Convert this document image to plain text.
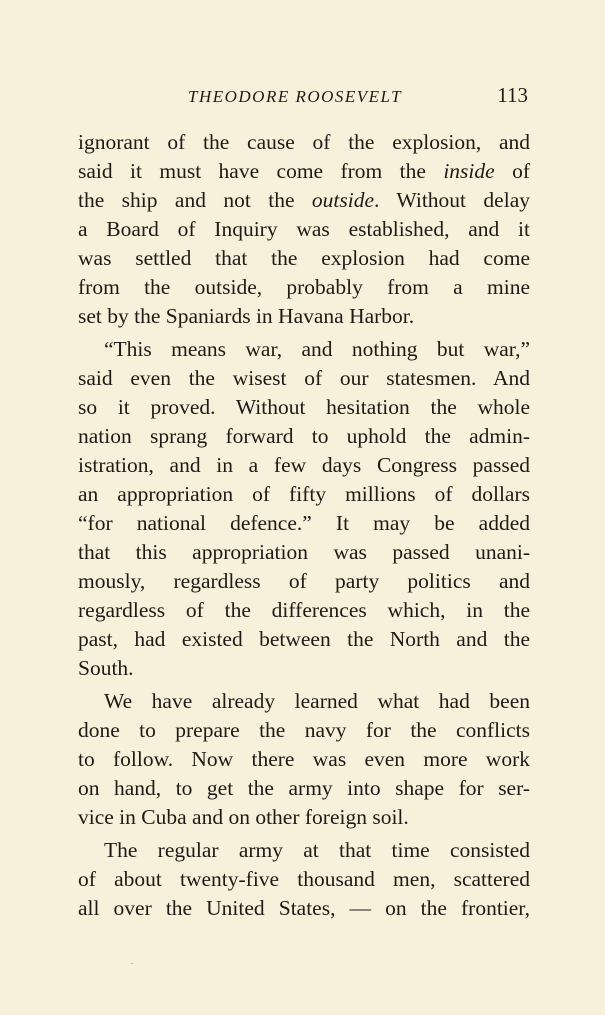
THEODORE ROOSEVELT	113
ignorant of the cause of the explosion, and
said it must have come from the inside of
the ship and not the outside. Without delay
a Board of Inquiry was established, and it
was settled that the explosion had come
from the outside, probably from a mine
set by the Spaniards in Havana Harbor.
“This means war, and nothing but war,”
said even the wisest of our statesmen. And
so it proved. Without hesitation the whole
nation sprang forward to uphold the admin-
istration, and in a few days Congress passed
an appropriation of fifty millions of dollars
“for national defence.” It may be added
that this appropriation was passed unani-
mously, regardless of party politics and
regardless of the differences which, in the
past, had existed between the North and the
South.
We have already learned what had been
done to prepare the navy for the conflicts
to follow. Now there was even more work
on hand, to get the army into shape for ser-
vice in Cuba and on other foreign soil.
The regular army at that time consisted
of about twenty-five thousand men, scattered
all over the United States, — on the frontier,
